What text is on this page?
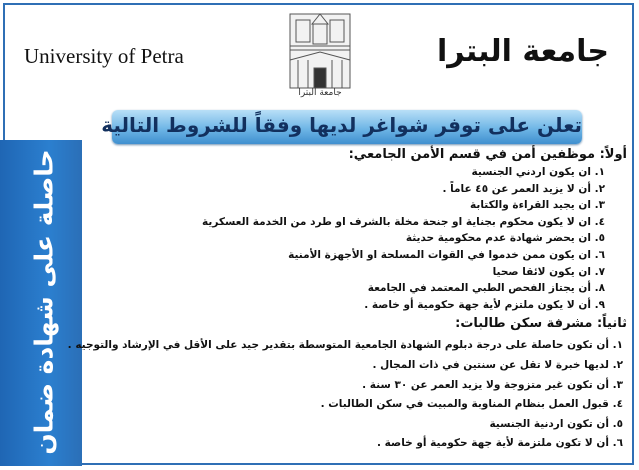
University of Petra
جامعة البترا
جامعة البترا
تعلن على توفر شواغر لديها وفقاً للشروط التالية
حاصلة على شهادة ضمان	أولاً: موظفين أمن في قسم الأمن الجامعي:
١. ان يكون اردني الجنسية
٢. أن لا يزيد العمر عن ٤٥ عاماً .
٣. ان يجيد القراءة والكتابة
٤. ان لا يكون محكوم بجناية او جنحة مخلة بالشرف او طرد من الخدمة العسكرية
٥. ان يحضر شهادة عدم محكومية حديثة
٦. ان يكون ممن خدموا في القوات المسلحة او الأجهزة الأمنية
٧. ان يكون لائقا صحيا
٨. أن يجتاز الفحص الطبي المعتمد في الجامعة
٩. أن لا يكون ملتزم لأية جهة حكومية أو خاصة .
ثانياً: مشرفة سكن طالبات:
١. أن تكون حاصلة على درجة دبلوم الشهادة الجامعية المتوسطة بتقدير جيد على الأقل في الإرشاد والتوجيه .
٢. لديها خبرة لا تقل عن سنتين في ذات المجال .
٣. أن تكون غير متزوجة ولا يزيد العمر عن ٣٠ سنة .
٤. قبول العمل بنظام المناوبة والمبيت في سكن الطالبات .
٥. أن تكون اردنية الجنسية
٦. أن لا تكون ملتزمة لأية جهة حكومية أو خاصة .
